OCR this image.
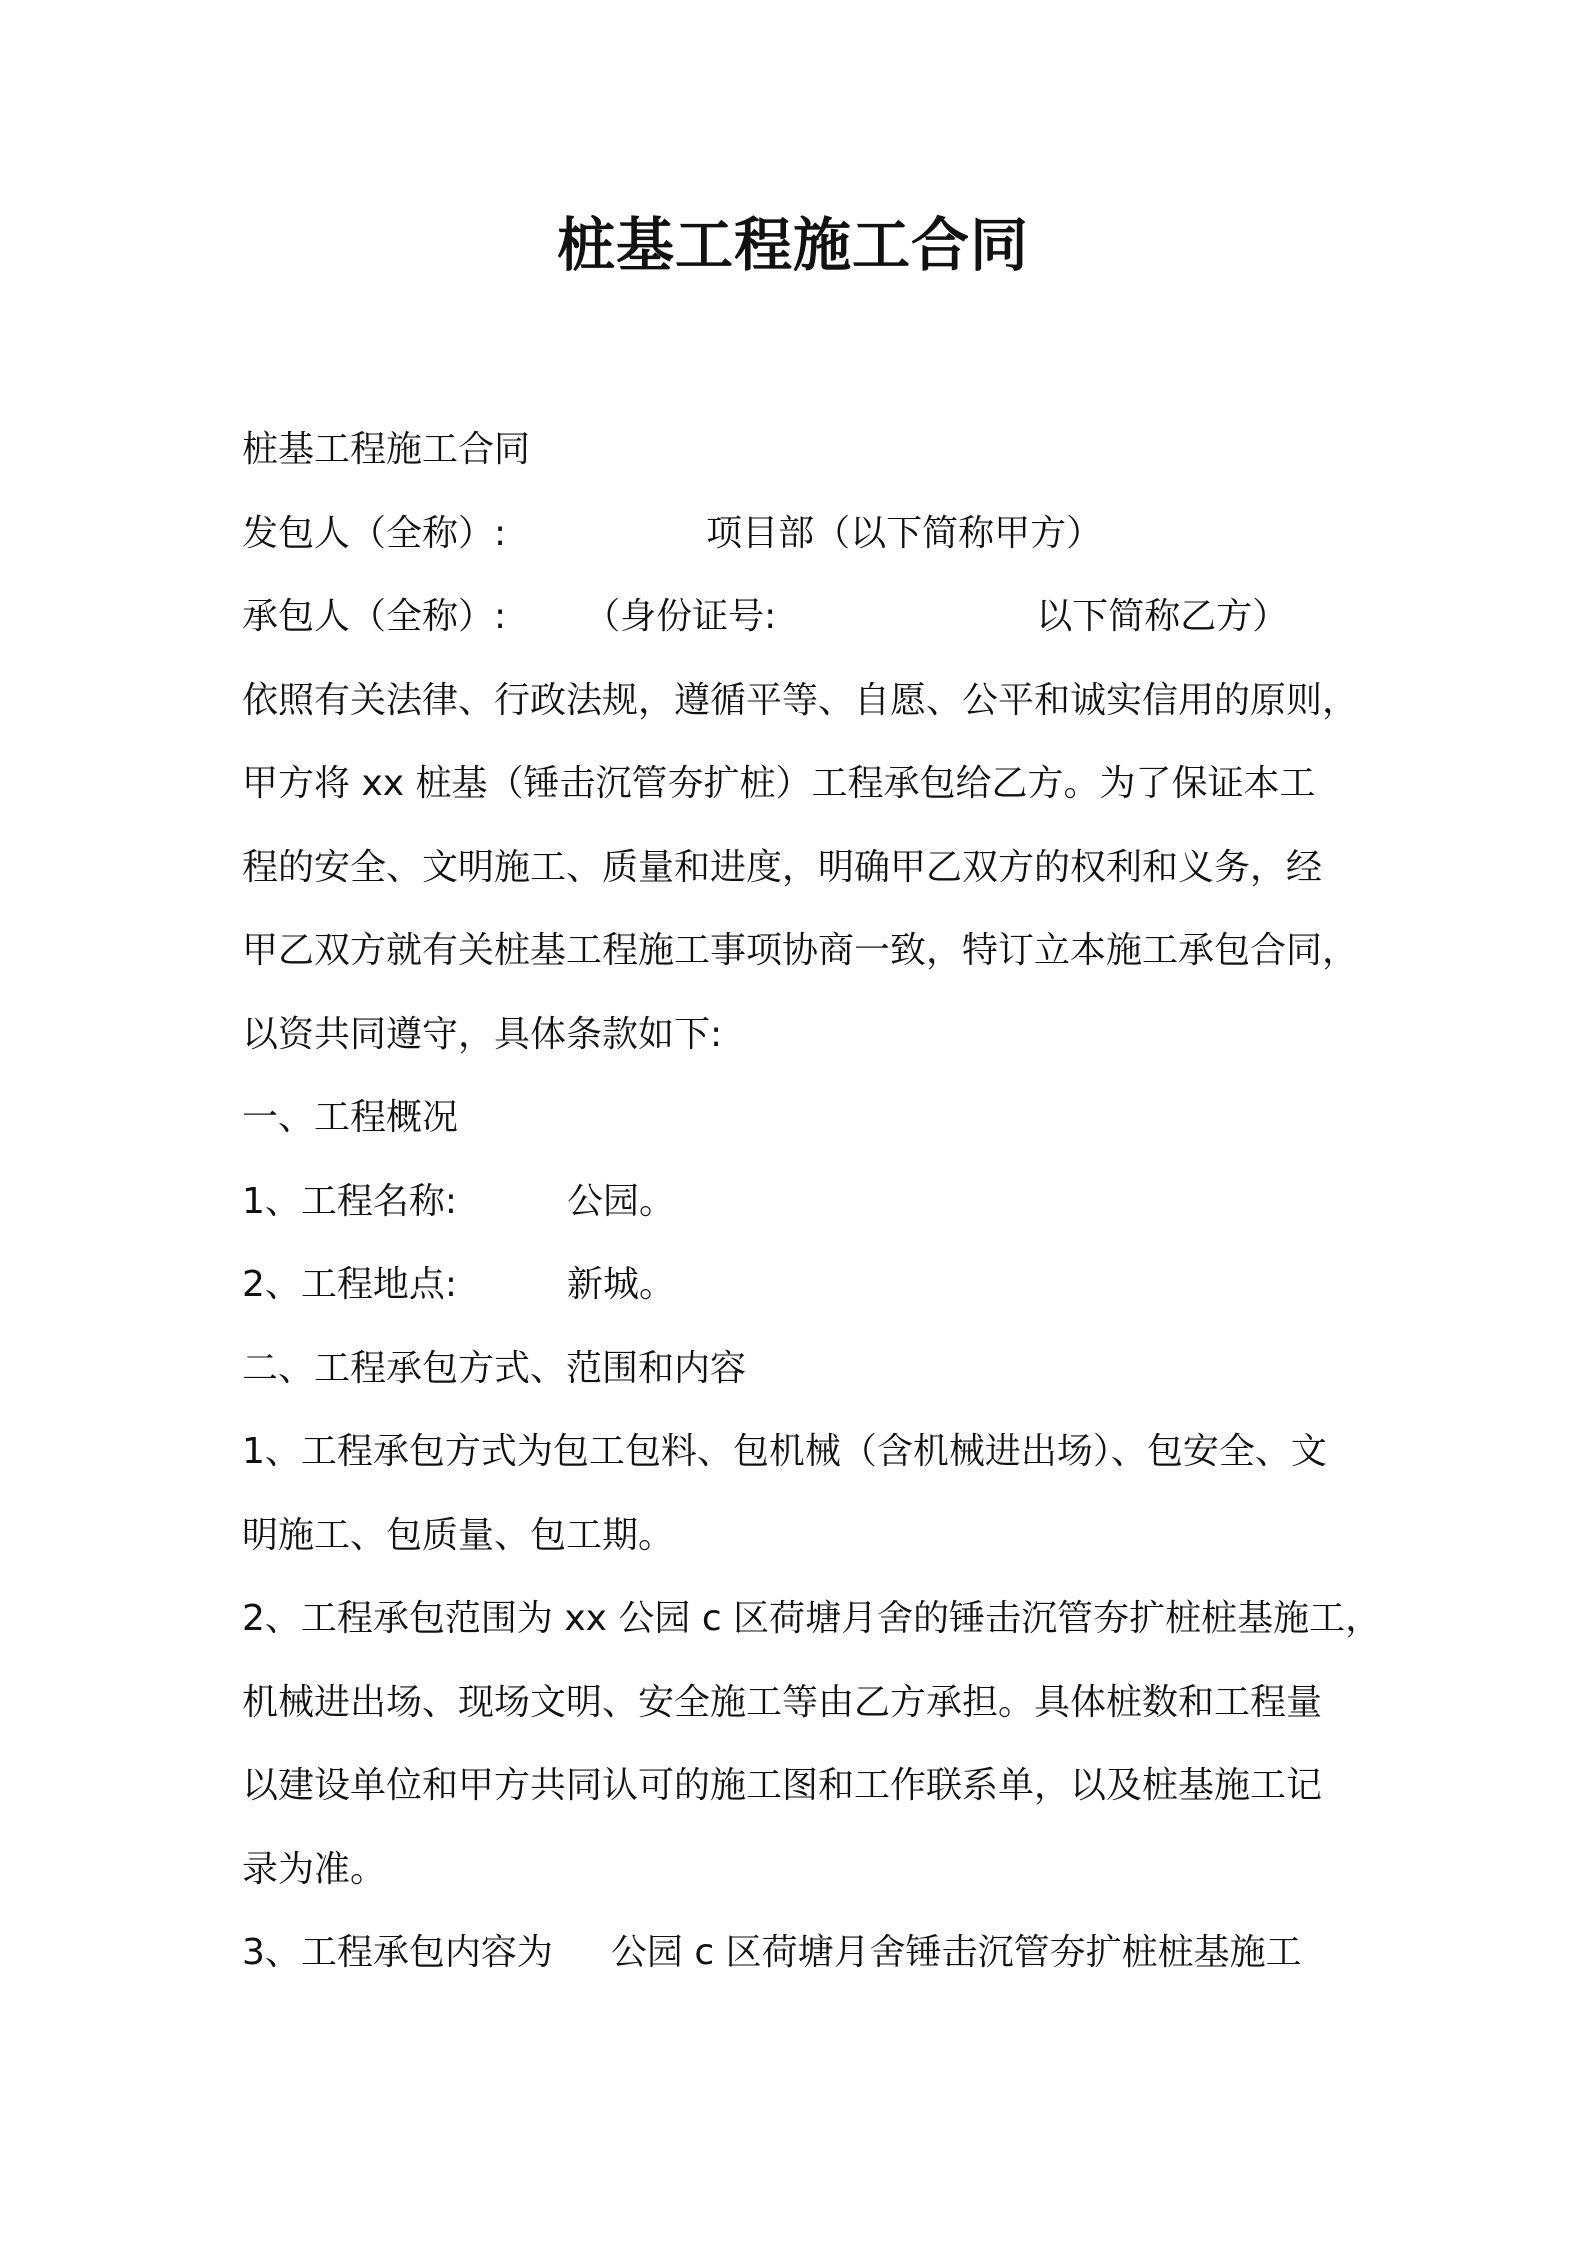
桩基工程施工合同
桩基工程施工合同
发包人（全称）:	项目部（以下简称甲方）
承包人（全称）: （身份证号:	以下简称乙方）
依照有关法律、行政法规，遵循平等、自愿、公平和诚实信用的原则，
甲方将 xx 桩基（锤击沉管夯扩桩）工程承包给乙方。为了保证本工
程的安全、文明施工、质量和进度，明确甲乙双方的权利和义务，经
甲乙双方就有关桩基工程施工事项协商一致，特订立本施工承包合同，
以资共同遵守，具体条款如下:
一、工程概况
1、工程名称:	公园。
2、工程地点:	新城。
二、工程承包方式、范围和内容
1、工程承包方式为包工包料、包机械（含机械进出场）、包安全、文
明施工、包质量、包工期。
2、工程承包范围为 xx 公园 c 区荷塘月舍的锤击沉管夯扩桩桩基施工，
机械进出场、现场文明、安全施工等由乙方承担。具体桩数和工程量
以建设单位和甲方共同认可的施工图和工作联系单，以及桩基施工记
录为准。
3、工程承包内容为 公园 c 区荷塘月舍锤击沉管夯扩桩桩基施工
